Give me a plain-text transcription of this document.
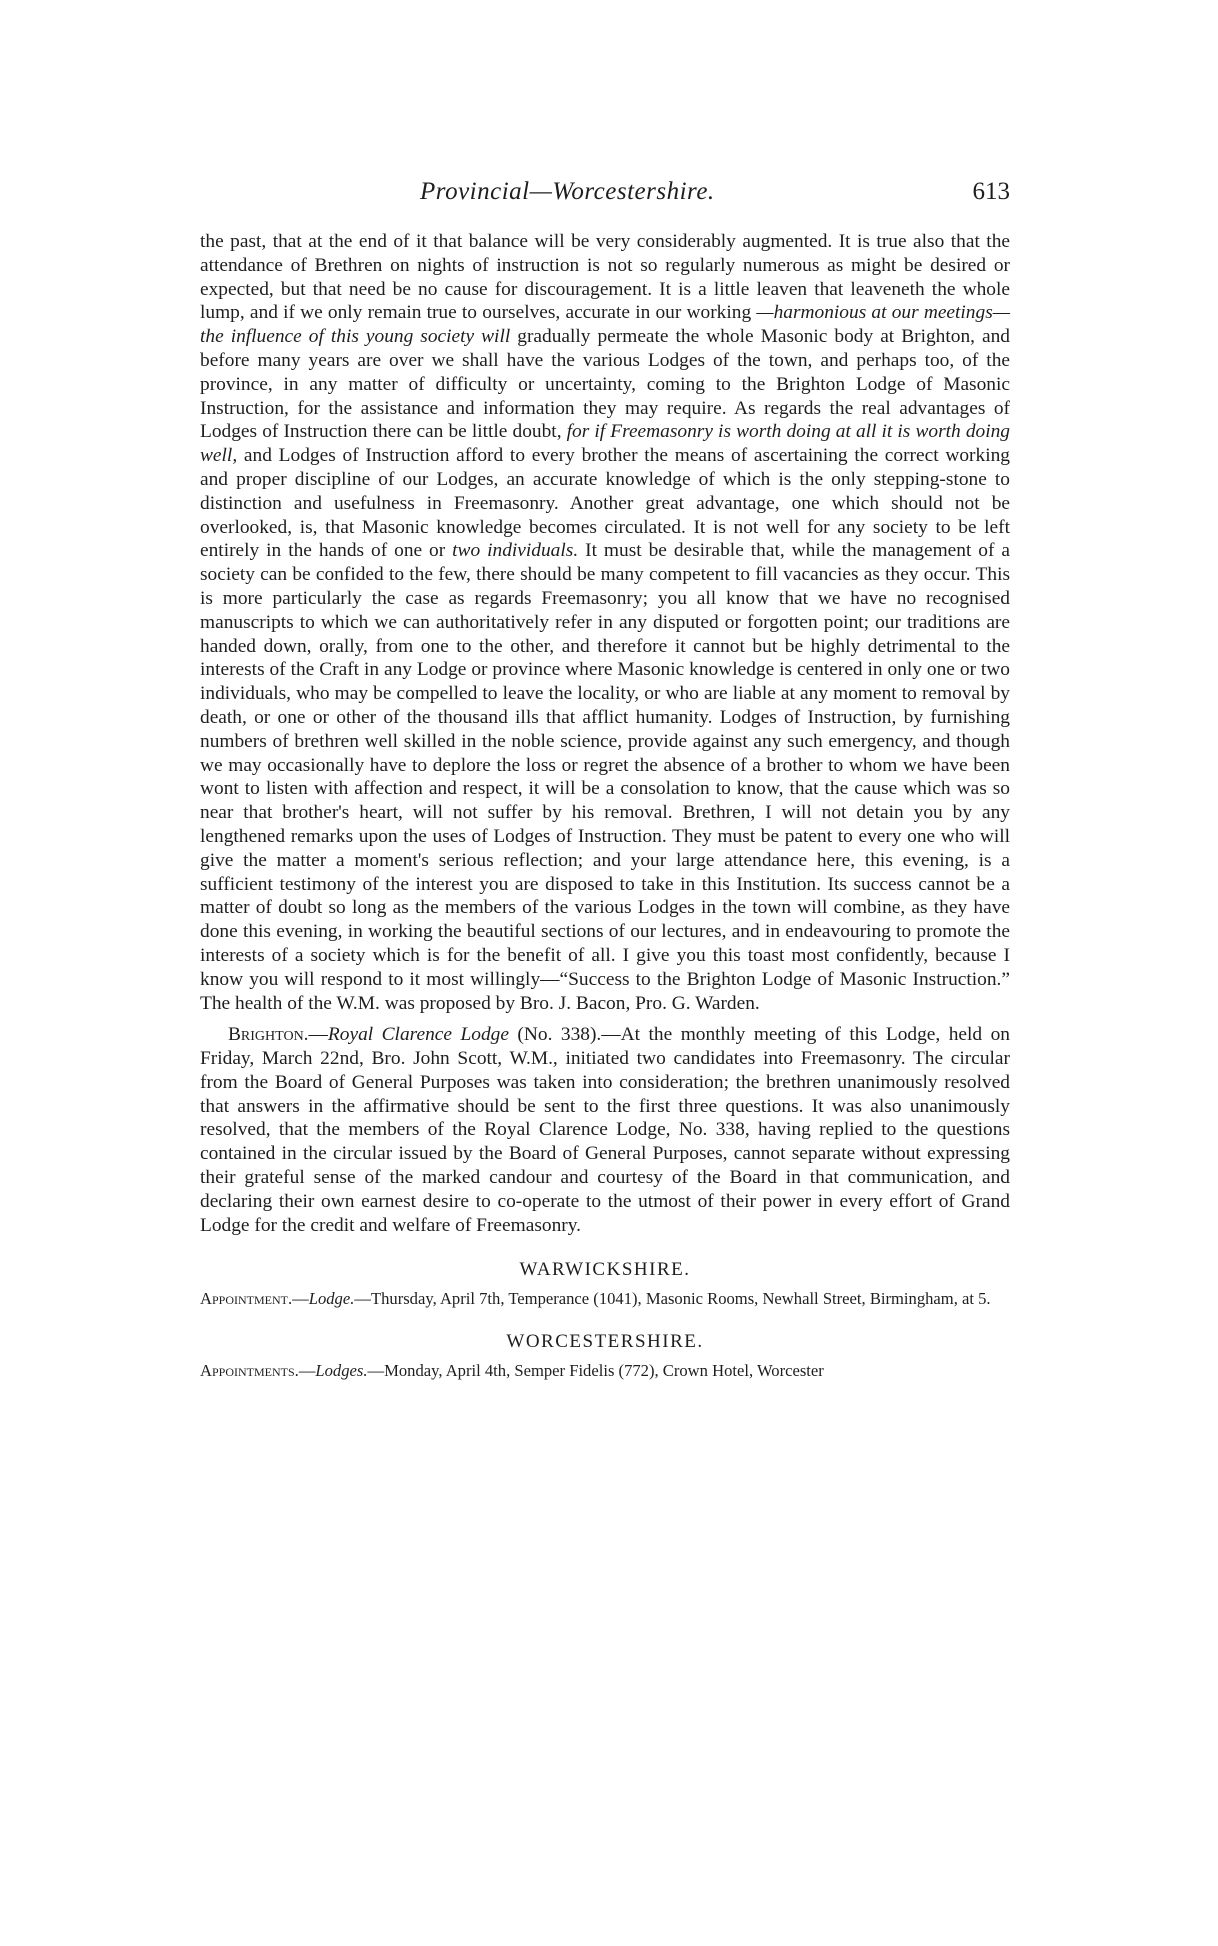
Provincial—Worcestershire.	613

the past, that at the end of it that balance will be very considerably augmented. It is true also that the attendance of Brethren on nights of instruction is not so regularly numerous as might be desired or expected, but that need be no cause for discouragement. It is a little leaven that leaveneth the whole lump, and if we only remain true to ourselves, accurate in our working —harmonious at our meetings—the influence of this young society will gradually permeate the whole Masonic body at Brighton, and before many years are over we shall have the various Lodges of the town, and perhaps too, of the province, in any matter of difficulty or uncertainty, coming to the Brighton Lodge of Masonic Instruction, for the assistance and information they may require. As regards the real advantages of Lodges of Instruction there can be little doubt, for if Freemasonry is worth doing at all it is worth doing well, and Lodges of Instruction afford to every brother the means of ascertaining the correct working and proper discipline of our Lodges, an accurate knowledge of which is the only stepping-stone to distinction and usefulness in Freemasonry. Another great advantage, one which should not be overlooked, is, that Masonic knowledge becomes circulated. It is not well for any society to be left entirely in the hands of one or two individuals. It must be desirable that, while the management of a society can be confided to the few, there should be many competent to fill vacancies as they occur. This is more particularly the case as regards Freemasonry; you all know that we have no recognised manuscripts to which we can authoritatively refer in any disputed or forgotten point; our traditions are handed down, orally, from one to the other, and therefore it cannot but be highly detrimental to the interests of the Craft in any Lodge or province where Masonic knowledge is centered in only one or two individuals, who may be compelled to leave the locality, or who are liable at any moment to removal by death, or one or other of the thousand ills that afflict humanity. Lodges of Instruction, by furnishing numbers of brethren well skilled in the noble science, provide against any such emergency, and though we may occasionally have to deplore the loss or regret the absence of a brother to whom we have been wont to listen with affection and respect, it will be a consolation to know, that the cause which was so near that brother's heart, will not suffer by his removal. Brethren, I will not detain you by any lengthened remarks upon the uses of Lodges of Instruction. They must be patent to every one who will give the matter a moment's serious reflection; and your large attendance here, this evening, is a sufficient testimony of the interest you are disposed to take in this Institution. Its success cannot be a matter of doubt so long as the members of the various Lodges in the town will combine, as they have done this evening, in working the beautiful sections of our lectures, and in endeavouring to promote the interests of a society which is for the benefit of all. I give you this toast most confidently, because I know you will respond to it most willingly—“Success to the Brighton Lodge of Masonic Instruction.” The health of the W.M. was proposed by Bro. J. Bacon, Pro. G. Warden.

Brighton.—Royal Clarence Lodge (No. 338).—At the monthly meeting of this Lodge, held on Friday, March 22nd, Bro. John Scott, W.M., initiated two candidates into Freemasonry. The circular from the Board of General Purposes was taken into consideration; the brethren unanimously resolved that answers in the affirmative should be sent to the first three questions. It was also unanimously resolved, that the members of the Royal Clarence Lodge, No. 338, having replied to the questions contained in the circular issued by the Board of General Purposes, cannot separate without expressing their grateful sense of the marked candour and courtesy of the Board in that communication, and declaring their own earnest desire to co-operate to the utmost of their power in every effort of Grand Lodge for the credit and welfare of Freemasonry.

WARWICKSHIRE.

Appointment.—Lodge.—Thursday, April 7th, Temperance (1041), Masonic Rooms, Newhall Street, Birmingham, at 5.

WORCESTERSHIRE.

Appointments.—Lodges.—Monday, April 4th, Semper Fidelis (772), Crown Hotel, Worcester
